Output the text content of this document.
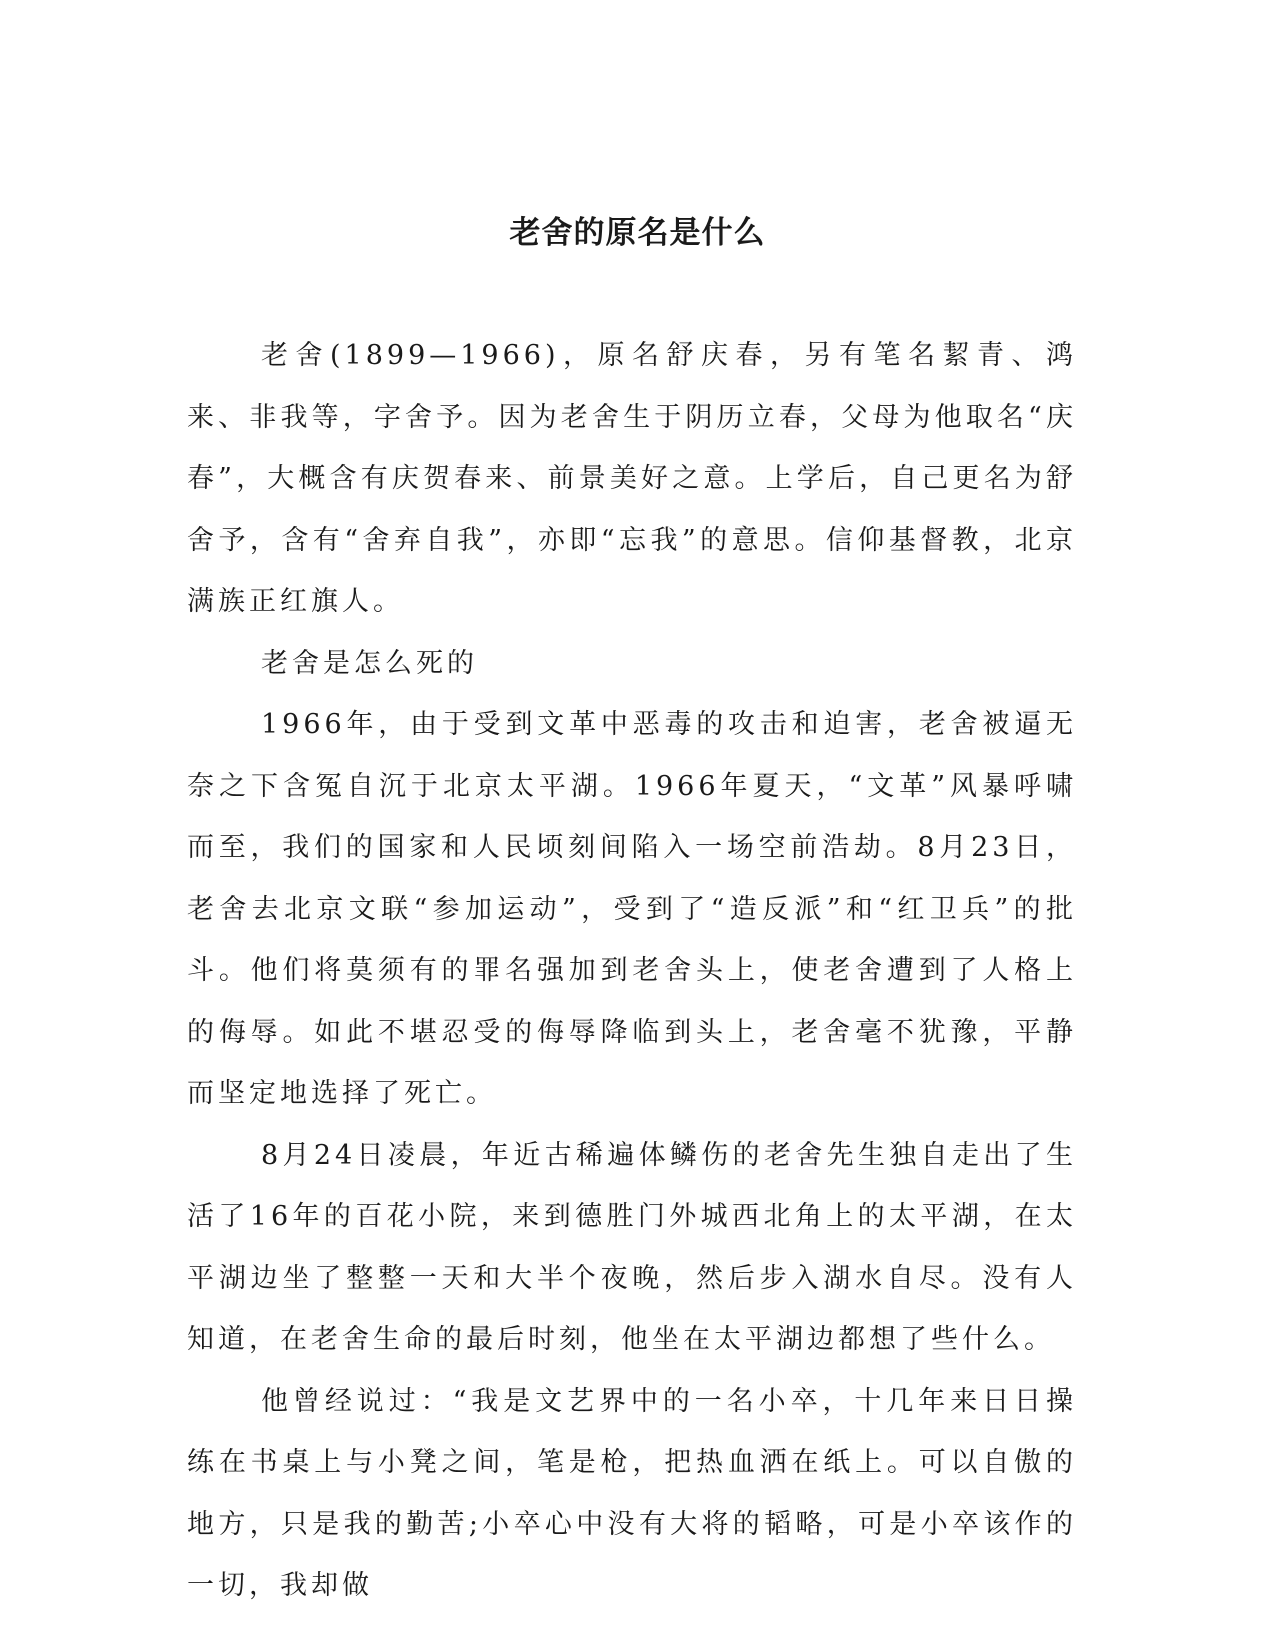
老舍的原名是什么

老舍(1899—1966)，原名舒庆春，另有笔名絜青、鸿来、非我等，字舍予。因为老舍生于阴历立春，父母为他取名“庆春”，大概含有庆贺春来、前景美好之意。上学后，自己更名为舒舍予，含有“舍弃自我”，亦即“忘我”的意思。信仰基督教，北京满族正红旗人。

老舍是怎么死的

1966年，由于受到文革中恶毒的攻击和迫害，老舍被逼无奈之下含冤自沉于北京太平湖。1966年夏天，“文革”风暴呼啸而至，我们的国家和人民顷刻间陷入一场空前浩劫。8月23日，老舍去北京文联“参加运动”，受到了“造反派”和“红卫兵”的批斗。他们将莫须有的罪名强加到老舍头上，使老舍遭到了人格上的侮辱。如此不堪忍受的侮辱降临到头上，老舍毫不犹豫，平静而坚定地选择了死亡。

8月24日凌晨，年近古稀遍体鳞伤的老舍先生独自走出了生活了16年的百花小院，来到德胜门外城西北角上的太平湖，在太平湖边坐了整整一天和大半个夜晚，然后步入湖水自尽。没有人知道，在老舍生命的最后时刻，他坐在太平湖边都想了些什么。

他曾经说过：“我是文艺界中的一名小卒，十几年来日日操练在书桌上与小凳之间，笔是枪，把热血洒在纸上。可以自傲的地方，只是我的勤苦;小卒心中没有大将的韬略，可是小卒该作的一切，我却做
